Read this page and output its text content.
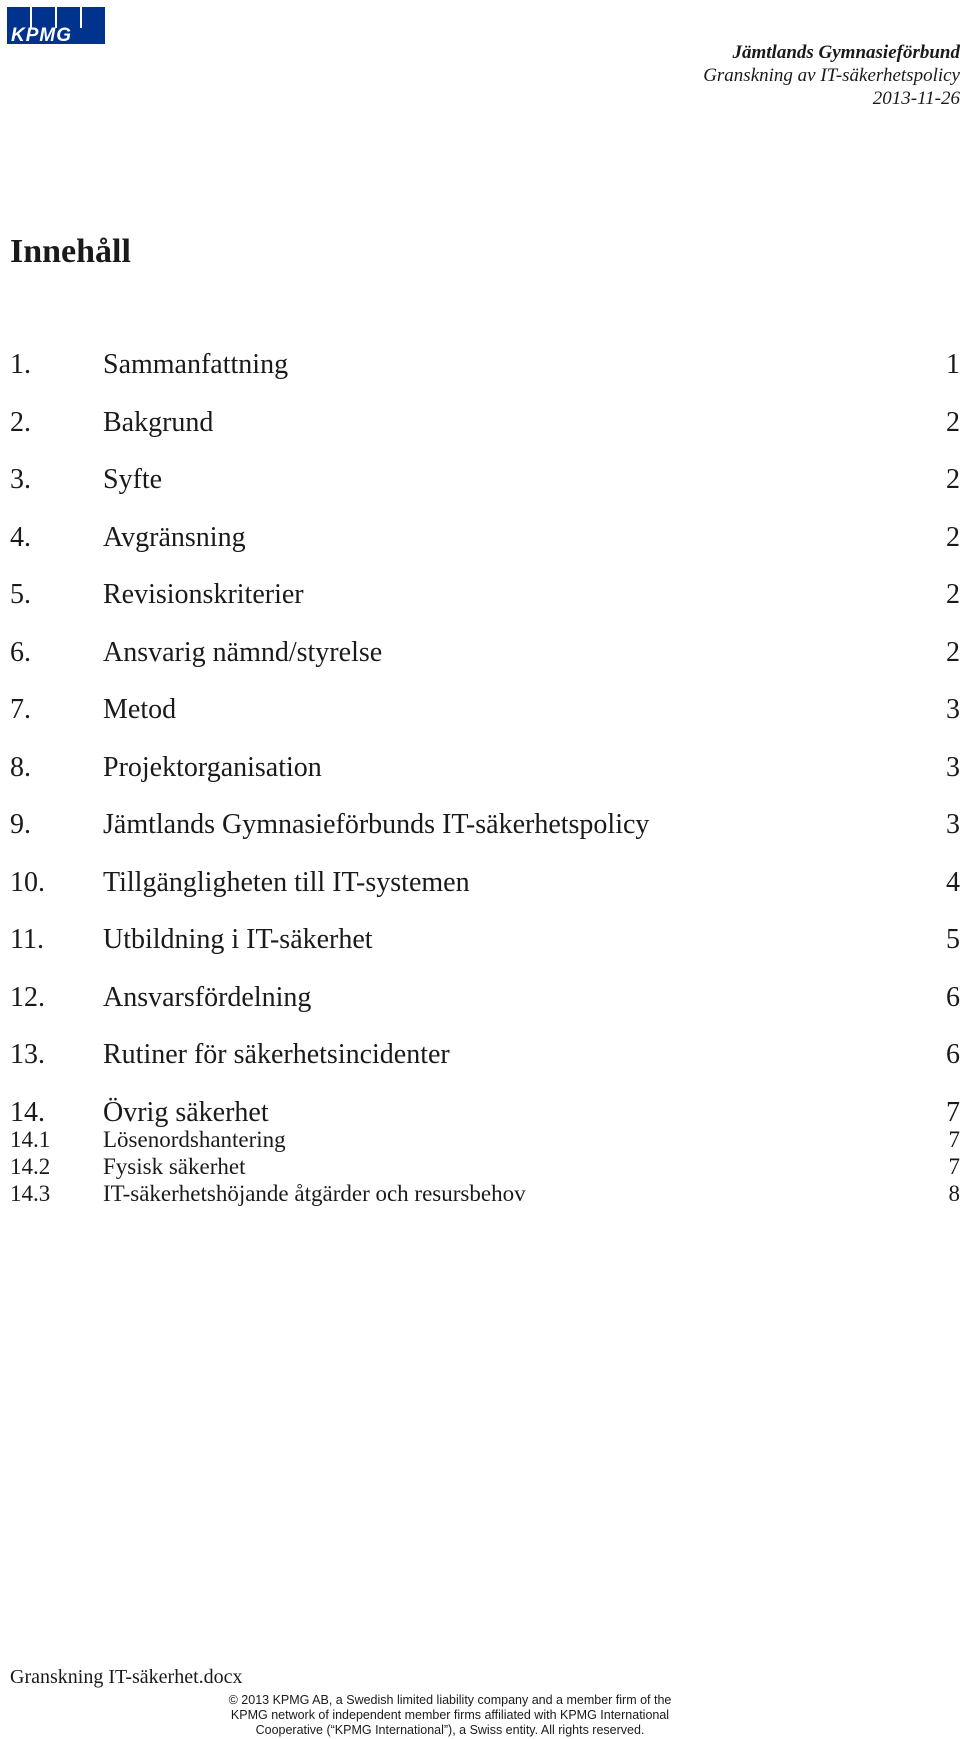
KPMG
Jämtlands Gymnasieförbund
Granskning av IT-säkerhetspolicy
2013-11-26
Innehåll
1.	Sammanfattning	1
2.	Bakgrund	2
3.	Syfte	2
4.	Avgränsning	2
5.	Revisionskriterier	2
6.	Ansvarig nämnd/styrelse	2
7.	Metod	3
8.	Projektorganisation	3
9.	Jämtlands Gymnasieförbunds IT-säkerhetspolicy	3
10. Tillgängligheten till IT-systemen	4
11. Utbildning i IT-säkerhet	5
12. Ansvarsfördelning	6
13. Rutiner för säkerhetsincidenter	6
14. Övrig säkerhet	7
14.1 Lösenordshantering	7
14.2 Fysisk säkerhet	7
14.3 IT-säkerhetshöjande åtgärder och resursbehov	8
Granskning IT-säkerhet.docx
© 2013 KPMG AB, a Swedish limited liability company and a member firm of the
KPMG network of independent member firms affiliated with KPMG International
Cooperative (“KPMG International”), a Swiss entity. All rights reserved.
